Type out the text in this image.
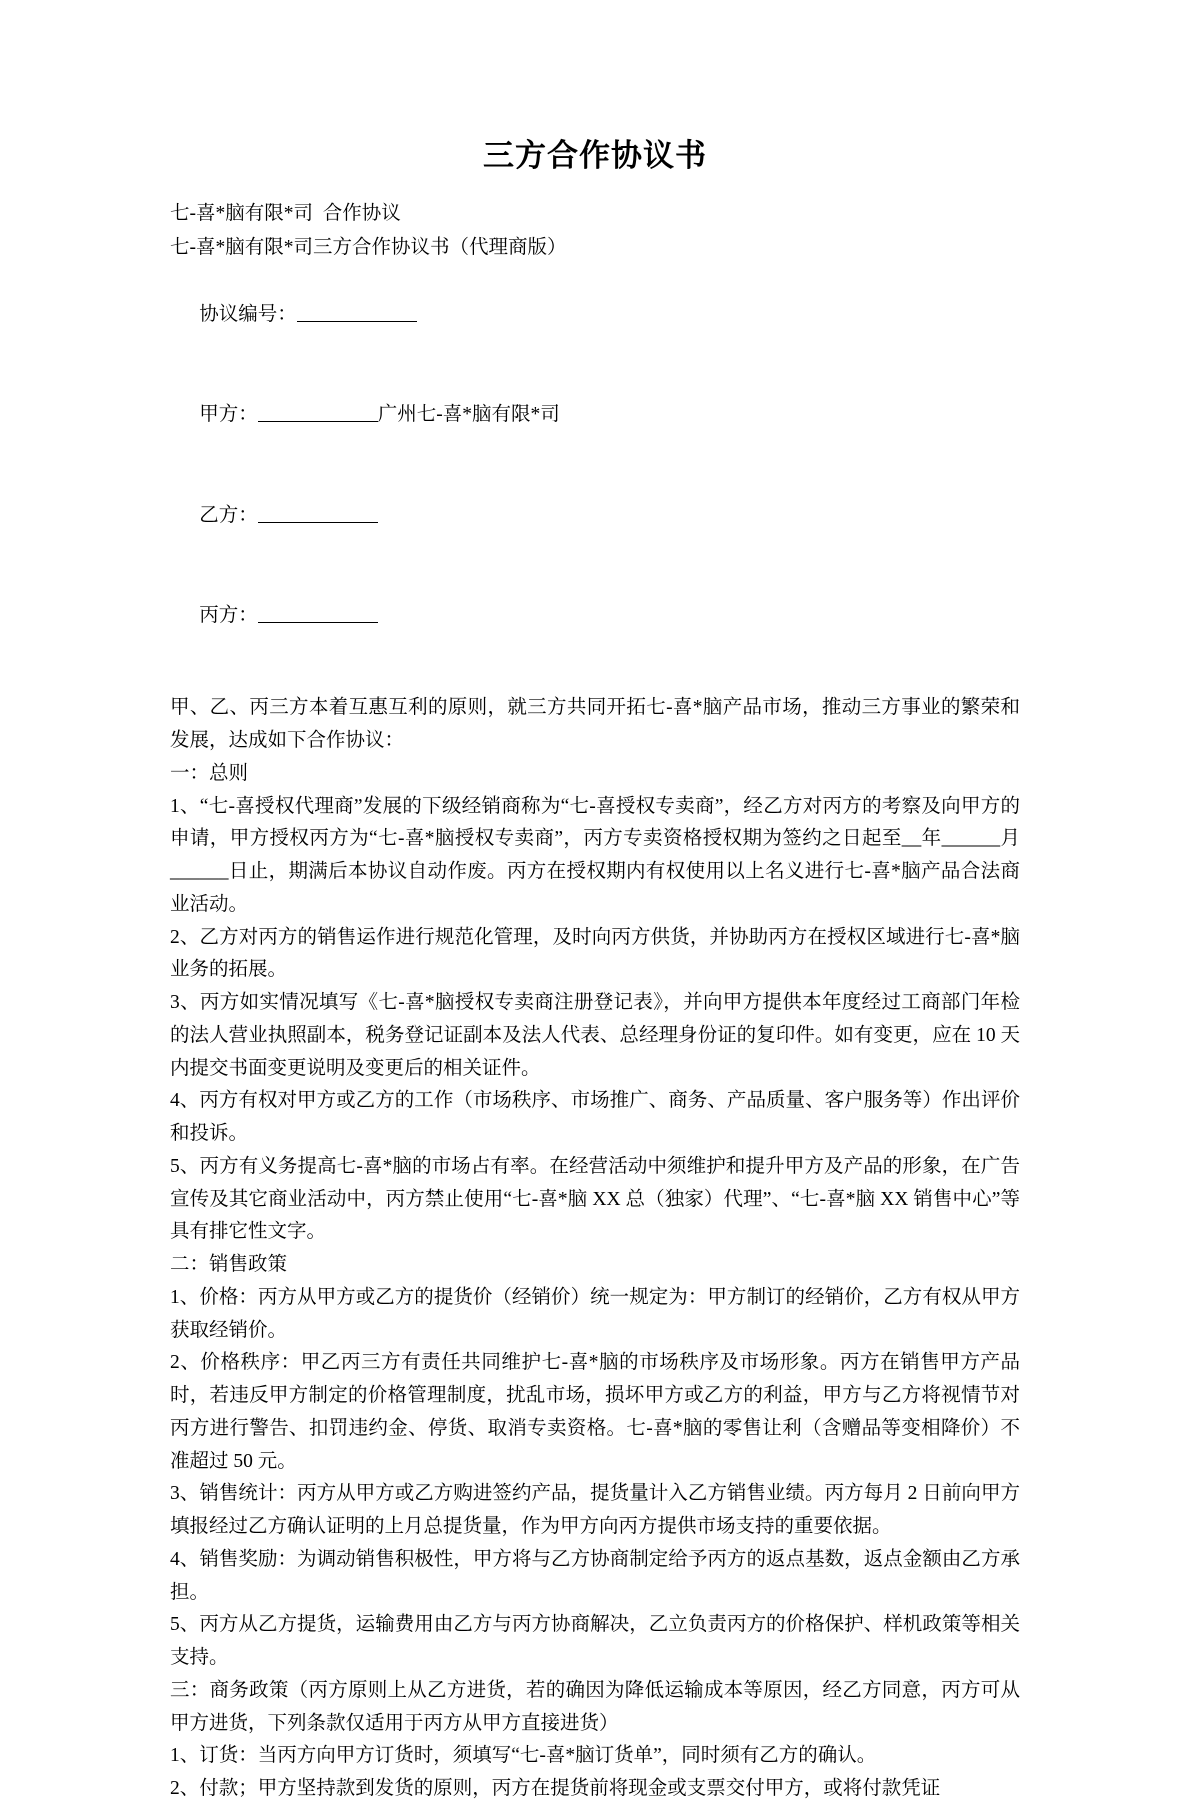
三方合作协议书
七-喜*脑有限*司  合作协议
七-喜*脑有限*司三方合作协议书（代理商版）

协议编号：

甲方：	广州七-喜*脑有限*司

乙方：

丙方：

甲、乙、丙三方本着互惠互利的原则，就三方共同开拓七-喜*脑产品市场，推动三方事业的繁荣和发展，达成如下合作协议：

一：总则

1、“七-喜授权代理商”发展的下级经销商称为“七-喜授权专卖商”，经乙方对丙方的考察及向甲方的申请，甲方授权丙方为“七-喜*脑授权专卖商”，丙方专卖资格授权期为签约之日起至__年______月______日止，期满后本协议自动作废。丙方在授权期内有权使用以上名义进行七-喜*脑产品合法商业活动。

2、乙方对丙方的销售运作进行规范化管理，及时向丙方供货，并协助丙方在授权区域进行七-喜*脑业务的拓展。

3、丙方如实情况填写《七-喜*脑授权专卖商注册登记表》，并向甲方提供本年度经过工商部门年检的法人营业执照副本，税务登记证副本及法人代表、总经理身份证的复印件。如有变更，应在 10 天内提交书面变更说明及变更后的相关证件。

4、丙方有权对甲方或乙方的工作（市场秩序、市场推广、商务、产品质量、客户服务等）作出评价和投诉。

5、丙方有义务提高七-喜*脑的市场占有率。在经营活动中须维护和提升甲方及产品的形象，在广告宣传及其它商业活动中，丙方禁止使用“七-喜*脑 XX 总（独家）代理”、“七-喜*脑 XX 销售中心”等具有排它性文字。

二：销售政策

1、价格：丙方从甲方或乙方的提货价（经销价）统一规定为：甲方制订的经销价，乙方有权从甲方获取经销价。

2、价格秩序：甲乙丙三方有责任共同维护七-喜*脑的市场秩序及市场形象。丙方在销售甲方产品时，若违反甲方制定的价格管理制度，扰乱市场，损坏甲方或乙方的利益，甲方与乙方将视情节对丙方进行警告、扣罚违约金、停货、取消专卖资格。七-喜*脑的零售让利（含赠品等变相降价）不准超过 50 元。

3、销售统计：丙方从甲方或乙方购进签约产品，提货量计入乙方销售业绩。丙方每月 2 日前向甲方填报经过乙方确认证明的上月总提货量，作为甲方向丙方提供市场支持的重要依据。

4、销售奖励：为调动销售积极性，甲方将与乙方协商制定给予丙方的返点基数，返点金额由乙方承担。

5、丙方从乙方提货，运输费用由乙方与丙方协商解决，乙立负责丙方的价格保护、样机政策等相关支持。

三：商务政策（丙方原则上从乙方进货，若的确因为降低运输成本等原因，经乙方同意，丙方可从甲方进货，下列条款仅适用于丙方从甲方直接进货）

1、订货：当丙方向甲方订货时，须填写“七-喜*脑订货单”，同时须有乙方的确认。

2、付款；甲方坚持款到发货的原则，丙方在提货前将现金或支票交付甲方，或将付款凭证
